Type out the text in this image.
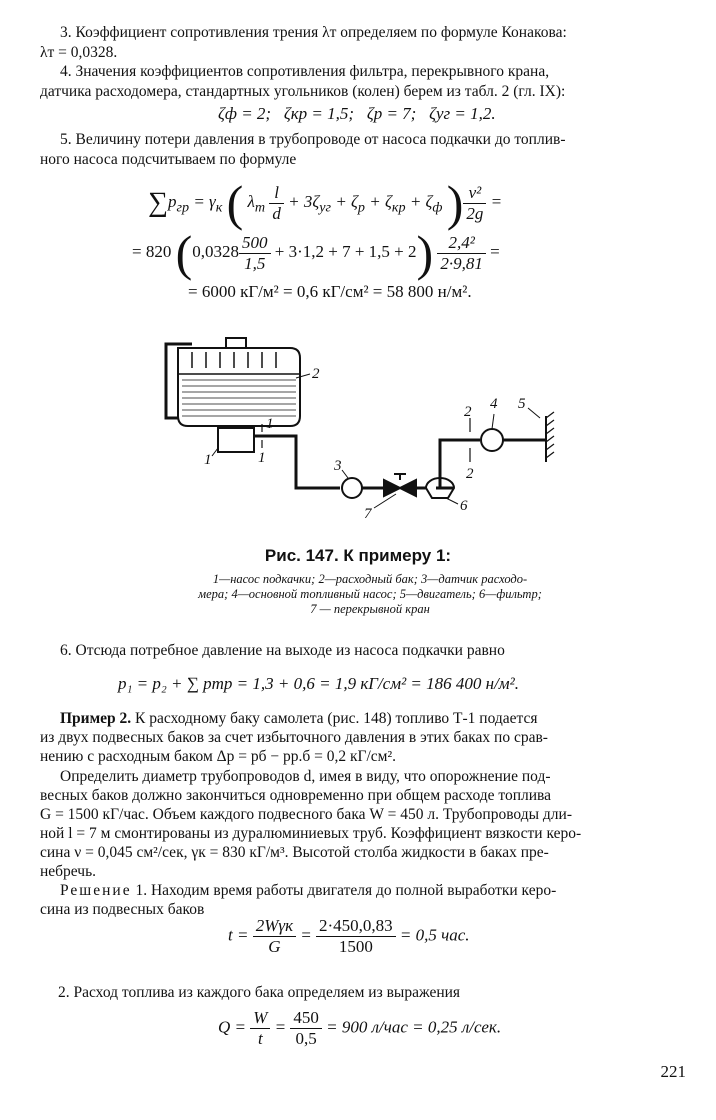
3. Коэффициент сопротивления трения λт определяем по формуле Конакова:
λт = 0,0328.
4. Значения коэффициентов сопротивления фильтра, перекрывного крана,
датчика расходомера, стандартных угольников (колен) берем из табл. 2 (гл. IX):
ζф = 2; ζкр = 1,5; ζр = 7; ζуг = 1,2.
5. Величину потери давления в трубопроводе от насоса подкачки до топлив-
ного насоса подсчитываем по формуле
$\sum p_{гр} = \gamma_к$ ( $\lambda_т \frac{l}{d} + 3\zeta_{уг} + \zeta_р + \zeta_{кр} + \zeta_ф$ ) $\frac{\text{v²}}{2g}$ =
= 820 $(0,0328 \frac{500}{1,5} + 3\cdot 1,2 + 7 + 1,5 + 2) \frac{\text{2,4²}}{2\cdot 9,81}$ =
= 6000 кГ/м² = 0,6 кГ/см² = 58 800 н/м².
2
1
1	1	3
7	6
2
2
4 5
Рис. 147. К примеру 1:
1—насос подкачки; 2—расходный бак; 3—датчик расходо-
мера; 4—основной топливный насос; 5—двигатель; 6—фильтр;
7 — перекрывной кран
6. Отсюда потребное давление на выходе из насоса подкачки равно
p₁ = p₂ + ∑ pтр = 1,3 + 0,6 = 1,9 кГ/см² = 186 400 н/м².
Пример 2. К расходному баку самолета (рис. 148) топливо Т-1 подается
из двух подвесных баков за счет избыточного давления в этих баках по срав-
нению с расходным баком Δp = pб − pр.б = 0,2 кГ/см².
Определить диаметр трубопроводов d, имея в виду, что опорожнение под-
весных баков должно закончиться одновременно при общем расходе топлива
G = 1500 кГ/час. Объем каждого подвесного бака W = 450 л. Трубопроводы дли-
ной l = 7 м смонтированы из дуралюминиевых труб. Коэффициент вязкости керо-
сина ν = 0,045 см²/сек, γк = 830 кГ/м³. Высотой столба жидкости в баках пре-
небречь.
Решение 1. Находим время работы двигателя до полной выработки керо-
сина из подвесных баков
$t = \frac{\text{2Wγк}}{G} = \frac{2\cdot 450,0,83}{1500} = 0,5$ час.
2. Расход топлива из каждого бака определяем из выражения
$Q = \frac{W}{t} = \frac{450}{0,5} = 900$ л/час = 0,25 л/сек.
221
